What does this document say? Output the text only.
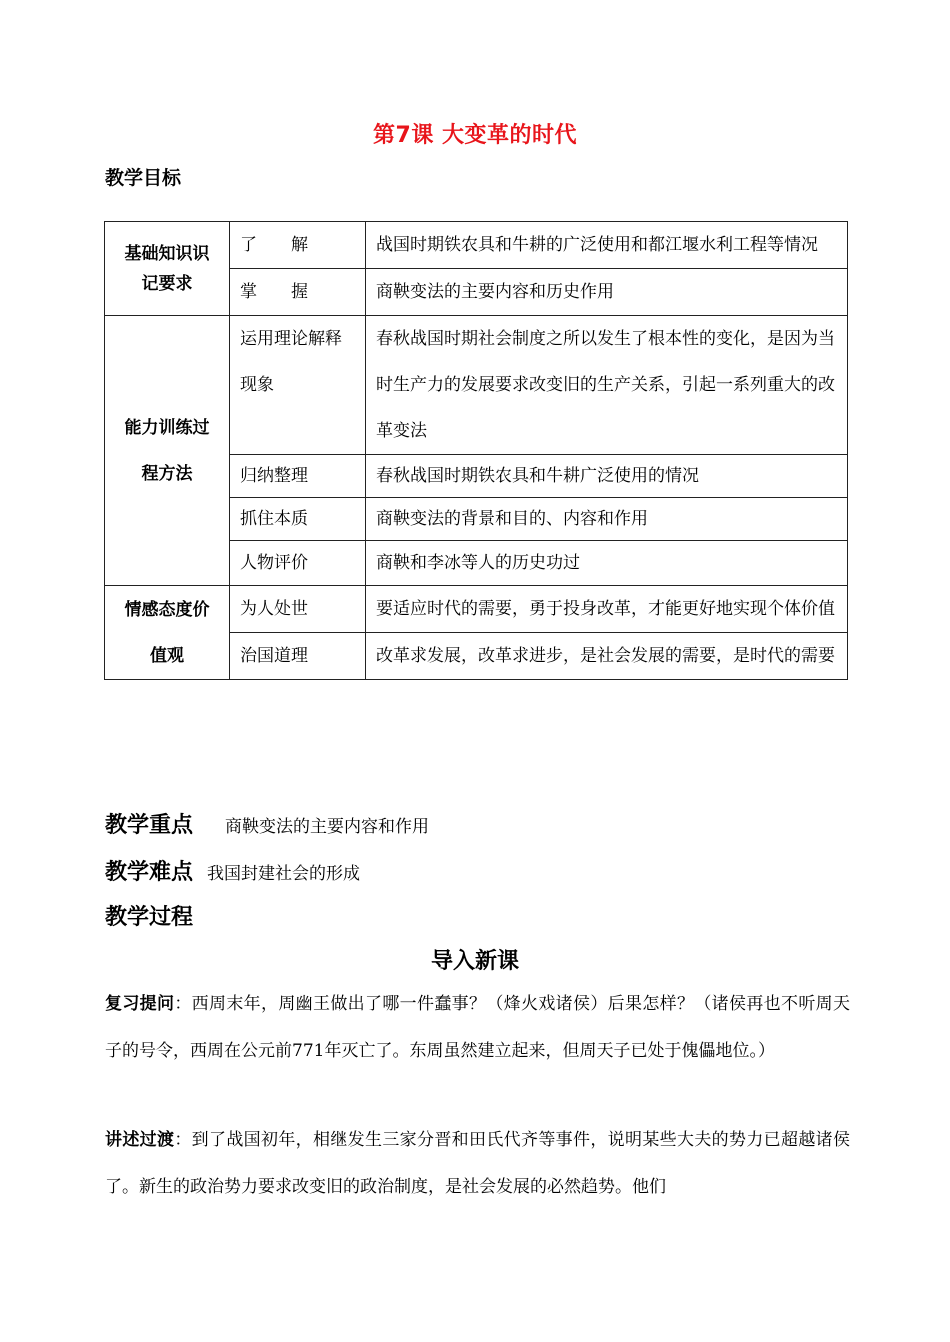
第7课 大变革的时代
教学目标
基础知识识记要求	了　　解	战国时期铁农具和牛耕的广泛使用和都江堰水利工程等情况
	掌　　握	商鞅变法的主要内容和历史作用
能力训练过程方法	运用理论解释现象	春秋战国时期社会制度之所以发生了根本性的变化，是因为当时生产力的发展要求改变旧的生产关系，引起一系列重大的改革变法
	归纳整理	春秋战国时期铁农具和牛耕广泛使用的情况
	抓住本质	商鞅变法的背景和目的、内容和作用
	人物评价	商鞅和李冰等人的历史功过
情感态度价值观	为人处世	要适应时代的需要，勇于投身改革，才能更好地实现个体价值
	治国道理	改革求发展，改革求进步，是社会发展的需要，是时代的需要
教学重点 商鞅变法的主要内容和作用
教学难点 我国封建社会的形成
教学过程
导入新课
复习提问：西周末年，周幽王做出了哪一件蠢事？（烽火戏诸侯）后果怎样？（诸侯再也不听周天子的号令，西周在公元前771年灭亡了。东周虽然建立起来，但周天子已处于傀儡地位。）
讲述过渡：到了战国初年，相继发生三家分晋和田氏代齐等事件，说明某些大夫的势力已超越诸侯了。新生的政治势力要求改变旧的政治制度，是社会发展的必然趋势。他们
